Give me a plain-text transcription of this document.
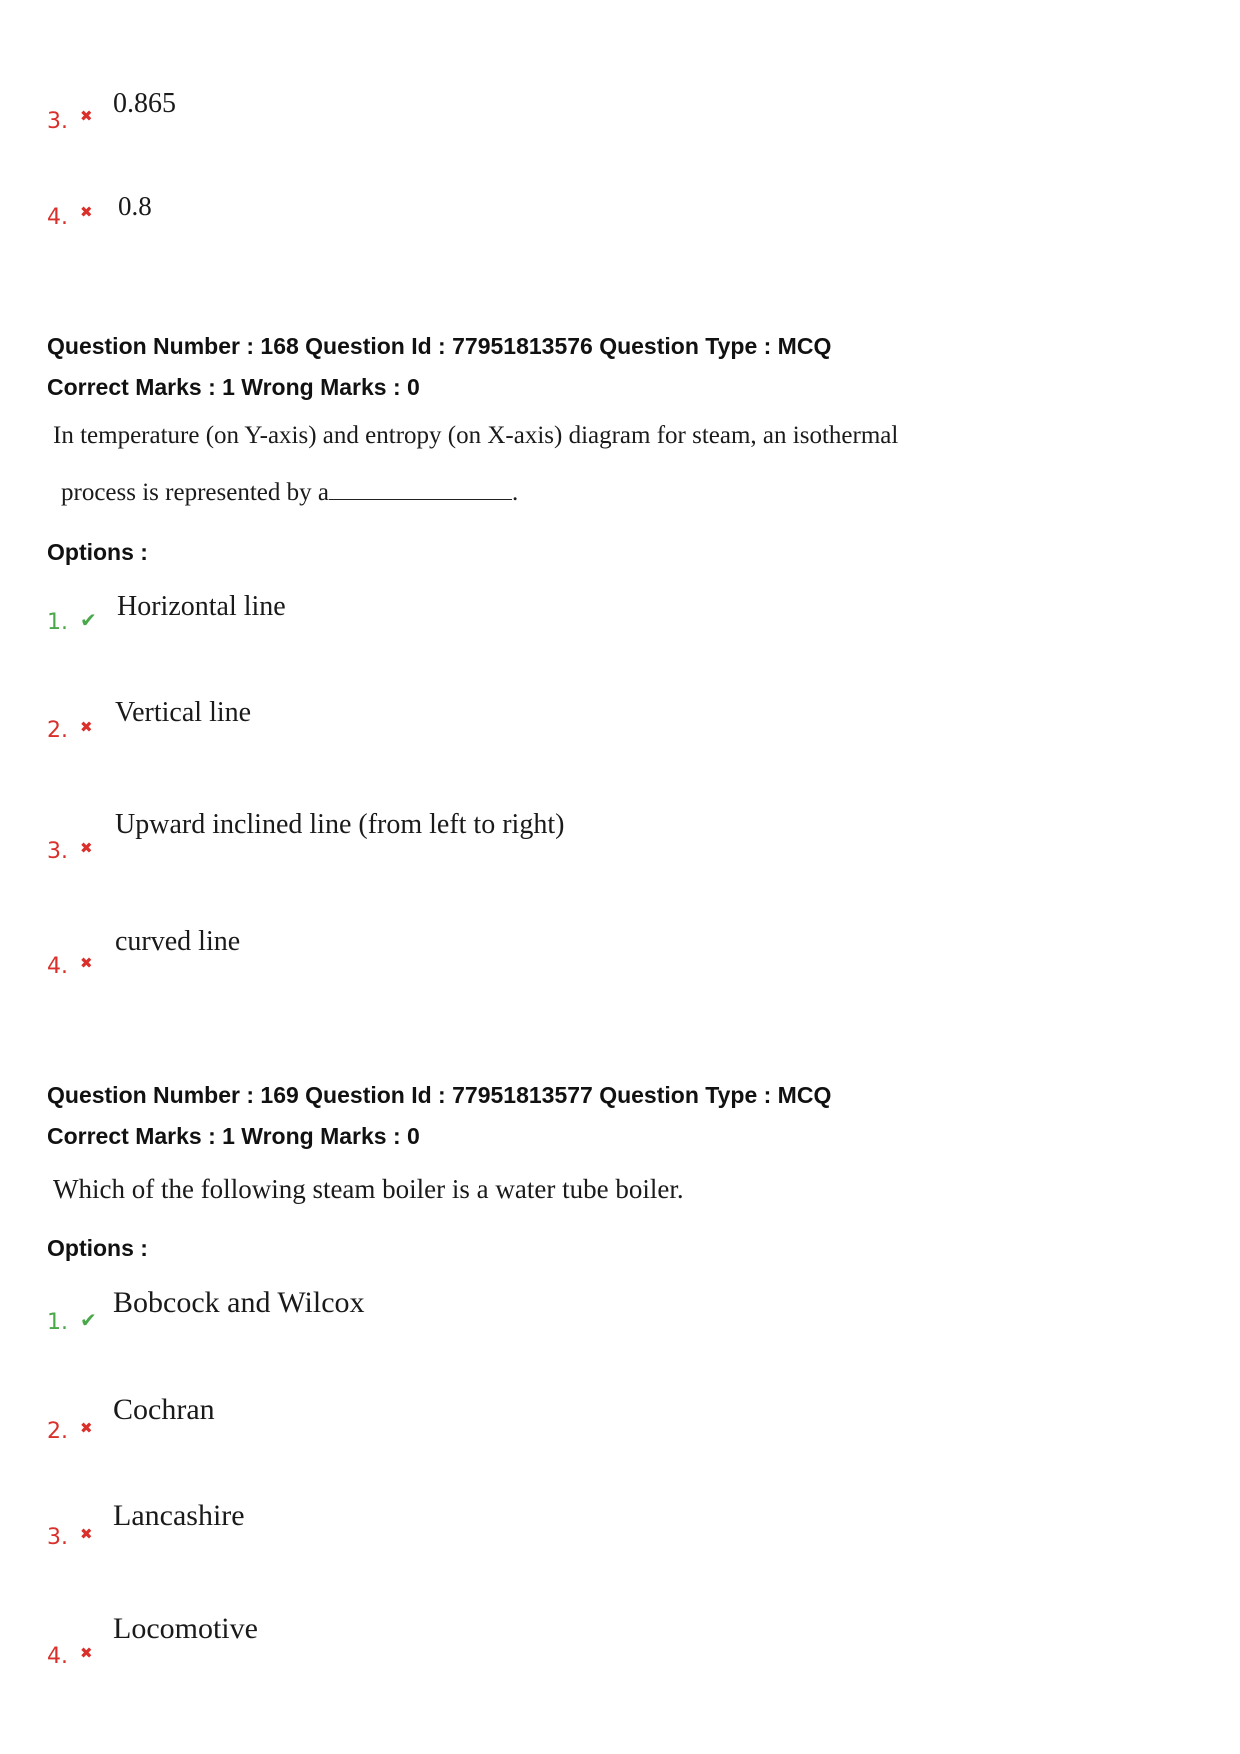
3.
✖
0.865
4.
✖ 0.8
Question Number : 168 Question Id : 77951813576 Question Type : MCQ
Correct Marks : 1 Wrong Marks : 0
In temperature (on Y-axis) and entropy (on X-axis) diagram for steam, an isothermal
process is represented by a	.
Options :
1.
✔
Horizontal line
2.
✖
Vertical line
3.
✖
Upward inclined line (from left to right)
4.
✖
curved line
Question Number : 169 Question Id : 77951813577 Question Type : MCQ
Correct Marks : 1 Wrong Marks : 0
Which of the following steam boiler is a water tube boiler.
Options :
1.
✔
Bobcock and Wilcox
2.
✖
Cochran
3.
✖
Lancashire
4.
✖
Locomotive
